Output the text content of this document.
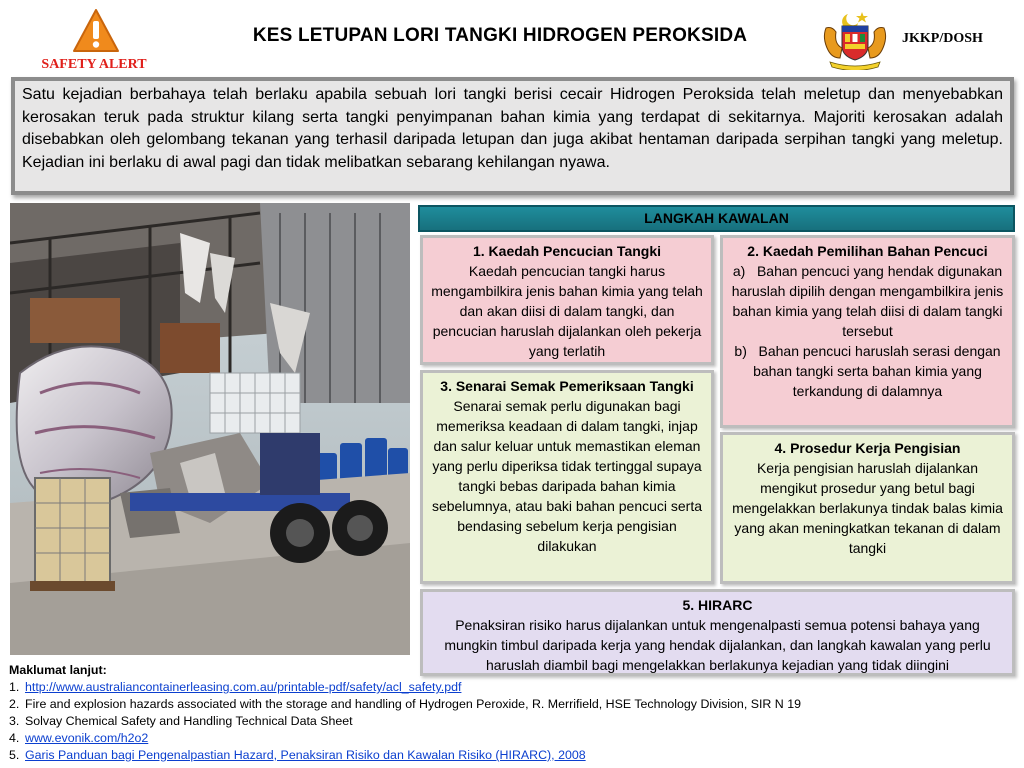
SAFETY ALERT
KES LETUPAN LORI TANGKI HIDROGEN PEROKSIDA	JKKP/DOSH

Satu kejadian berbahaya telah berlaku apabila sebuah lori tangki berisi cecair Hidrogen Peroksida telah meletup dan menyebabkan kerosakan teruk pada struktur kilang serta tangki penyimpanan bahan kimia yang terdapat di sekitarnya. Majoriti kerosakan adalah disebabkan oleh gelombang tekanan yang terhasil daripada letupan dan juga akibat hentaman daripada serpihan tangki yang meletup. Kejadian ini berlaku di awal pagi dan tidak melibatkan sebarang kehilangan nyawa.

LANGKAH KAWALAN
1. Kaedah Pencucian Tangki
Kaedah pencucian tangki harus mengambilkira jenis bahan kimia yang telah dan akan diisi di dalam tangki, dan pencucian haruslah dijalankan oleh pekerja yang terlatih
2. Kaedah Pemilihan Bahan Pencuci
a)   Bahan pencuci yang hendak digunakan haruslah dipilih dengan mengambilkira jenis bahan kimia yang telah diisi di dalam tangki tersebut
b)   Bahan pencuci haruslah serasi dengan bahan tangki serta bahan kimia yang terkandung di dalamnya
3. Senarai Semak Pemeriksaan Tangki
Senarai semak perlu digunakan bagi memeriksa keadaan di dalam tangki, injap dan salur keluar untuk memastikan eleman yang perlu diperiksa tidak tertinggal supaya tangki bebas daripada bahan kimia sebelumnya, atau baki bahan pencuci serta bendasing sebelum kerja pengisian dilakukan
4. Prosedur Kerja Pengisian
Kerja pengisian haruslah dijalankan mengikut prosedur yang betul bagi mengelakkan berlakunya tindak balas kimia yang akan meningkatkan tekanan di dalam tangki
5. HIRARC
Penaksiran risiko harus dijalankan untuk mengenalpasti semua potensi bahaya yang mungkin timbul daripada kerja yang hendak dijalankan, dan langkah kawalan yang perlu haruslah diambil bagi mengelakkan berlakunya kejadian yang tidak diingini
Maklumat lanjut:
1. http://www.australiancontainerleasing.com.au/printable-pdf/safety/acl_safety.pdf
2. Fire and explosion hazards associated with the storage and handling of Hydrogen Peroxide, R. Merrifield, HSE Technology Division, SIR N 19
3. Solvay Chemical Safety and Handling Technical Data Sheet
4. www.evonik.com/h2o2
5. Garis Panduan bagi Pengenalpastian Hazard, Penaksiran Risiko dan Kawalan Risiko (HIRARC), 2008
